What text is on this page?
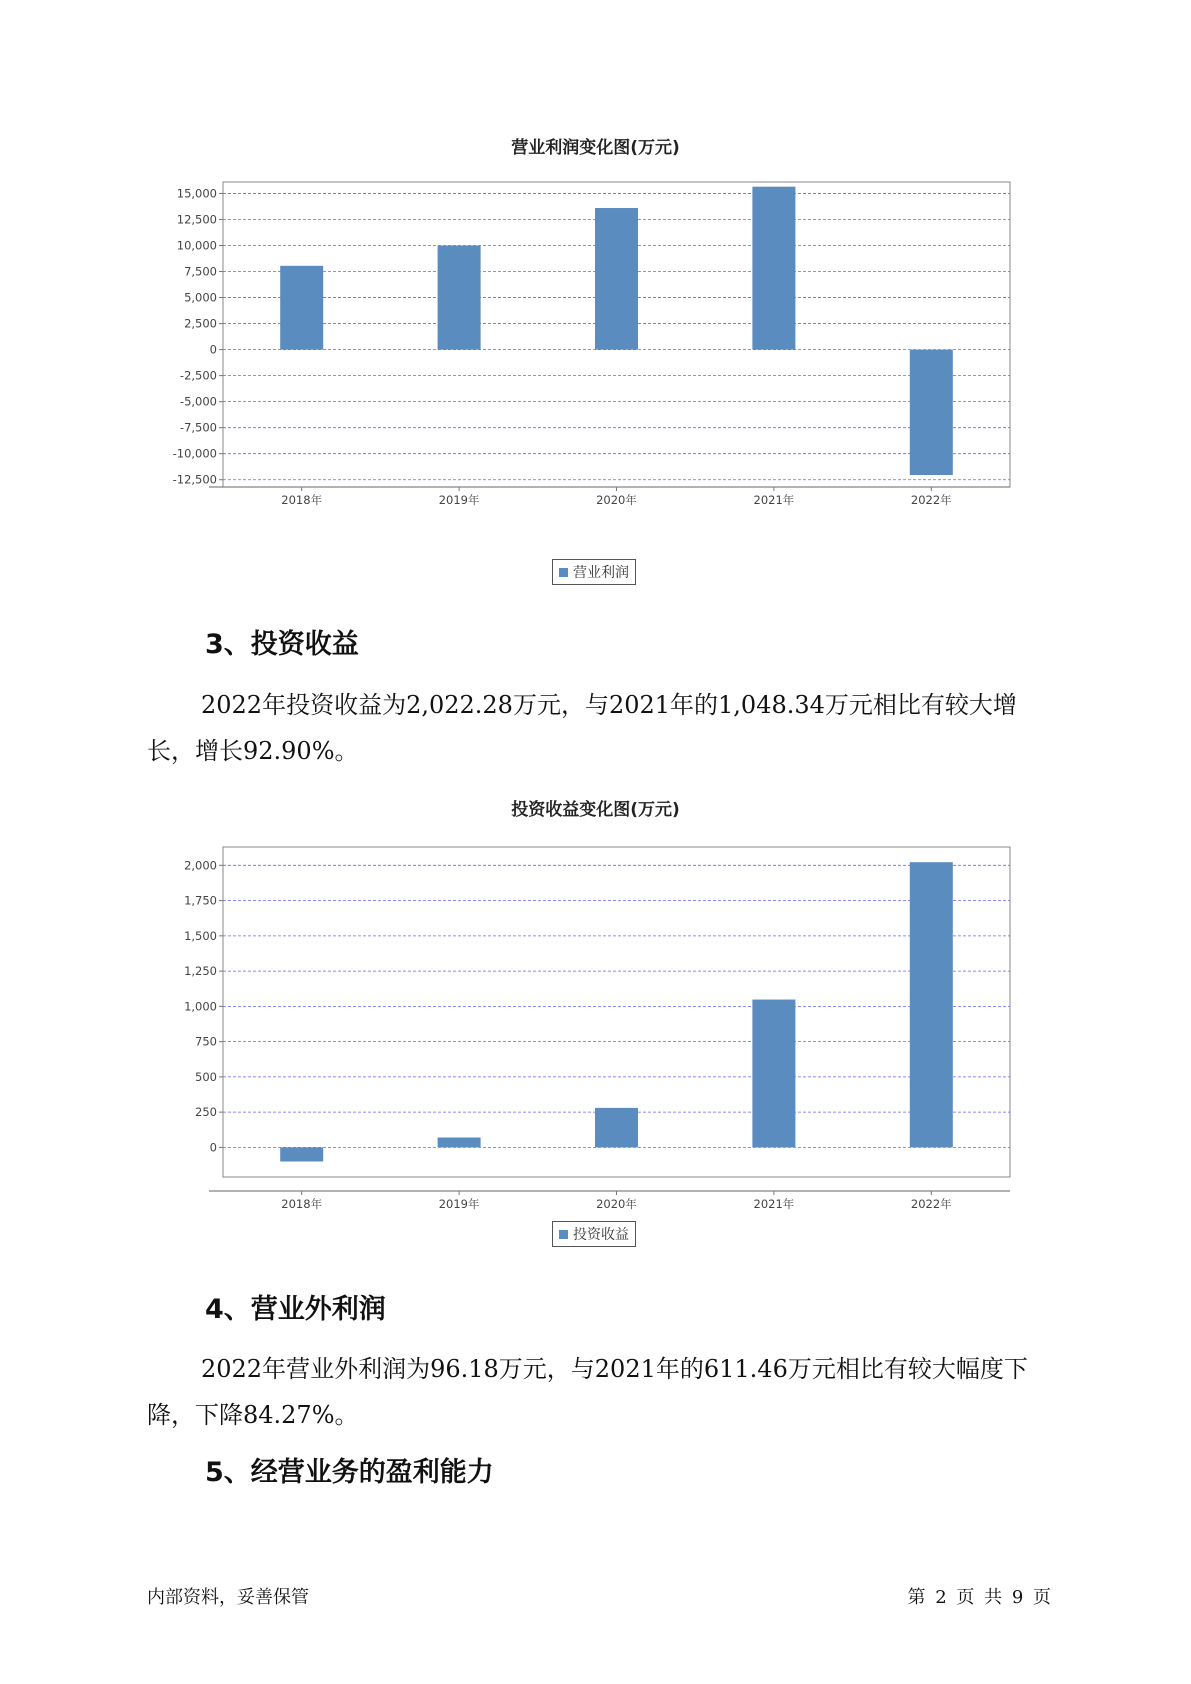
营业利润变化图(万元)
15,000
12,500
10,000
7,500
5,000
2,500
0
-2,500
-5,000
-7,500
-10,000
-12,500
2018年	2019年	2020年	2021年	2022年
营业利润
3、投资收益

2022年投资收益为2,022.28万元，与2021年的1,048.34万元相比有较大增长，增长92.90%。

投资收益变化图(万元)
2,000
1,750
1,500
1,250
1,000
750
500
250
0
2018年	2019年	2020年	2021年	2022年
投资收益
4、营业外利润

2022年营业外利润为96.18万元，与2021年的611.46万元相比有较大幅度下降，下降84.27%。

5、经营业务的盈利能力
内部资料，妥善保管	第 2 页 共 9 页
